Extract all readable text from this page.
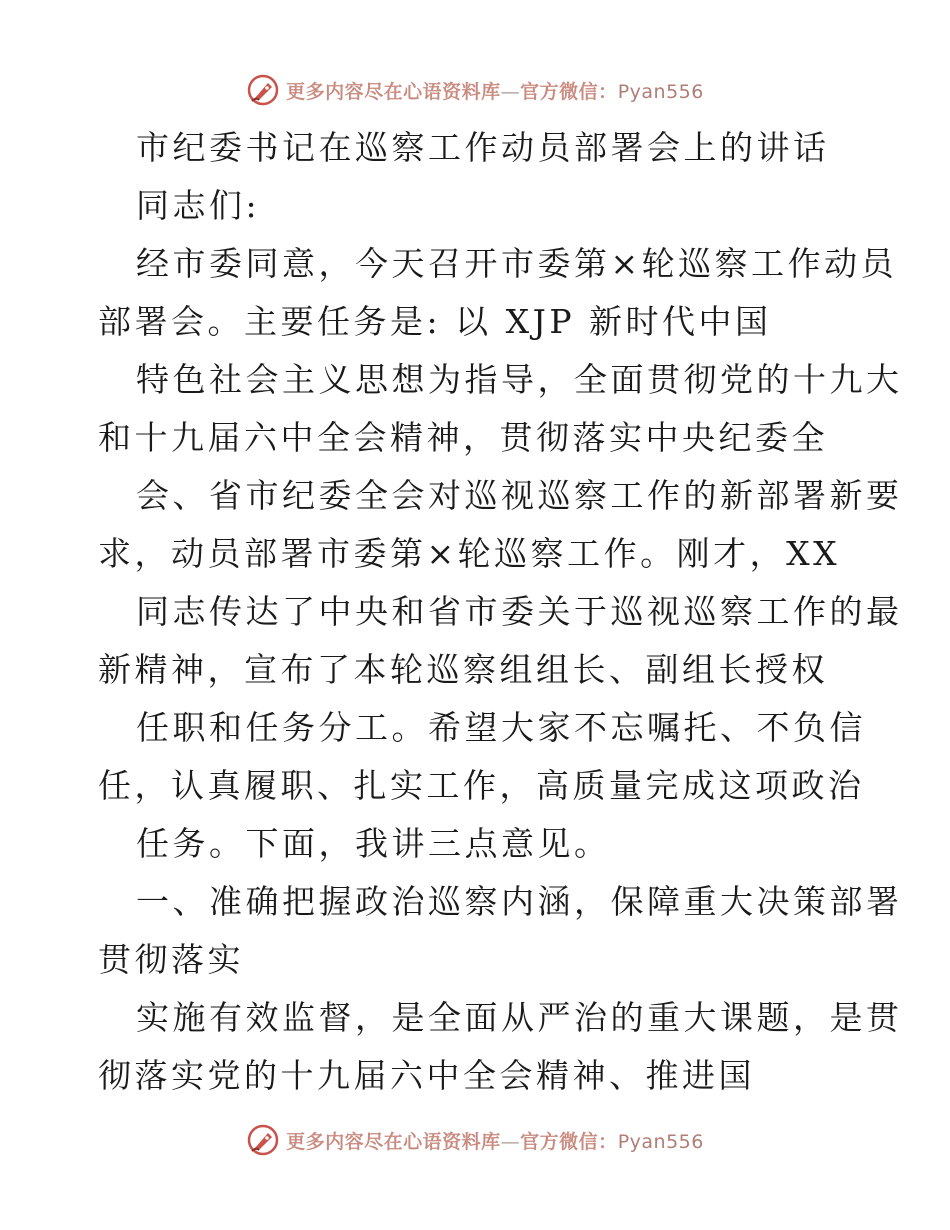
更多内容尽在心语资料库—官方微信：Pyan556
市纪委书记在巡察工作动员部署会上的讲话
同志们:
经市委同意，今天召开市委第×轮巡察工作动员
部署会。主要任务是: 以 XJP 新时代中国
特色社会主义思想为指导，全面贯彻党的十九大
和十九届六中全会精神，贯彻落实中央纪委全
会、省市纪委全会对巡视巡察工作的新部署新要
求，动员部署市委第×轮巡察工作。刚才，XX
同志传达了中央和省市委关于巡视巡察工作的最
新精神，宣布了本轮巡察组组长、副组长授权
任职和任务分工。希望大家不忘嘱托、不负信
任，认真履职、扎实工作，高质量完成这项政治
任务。下面，我讲三点意见。
一、准确把握政治巡察内涵，保障重大决策部署
贯彻落实
实施有效监督，是全面从严治的重大课题，是贯
彻落实党的十九届六中全会精神、推进国
更多内容尽在心语资料库—官方微信：Pyan556
